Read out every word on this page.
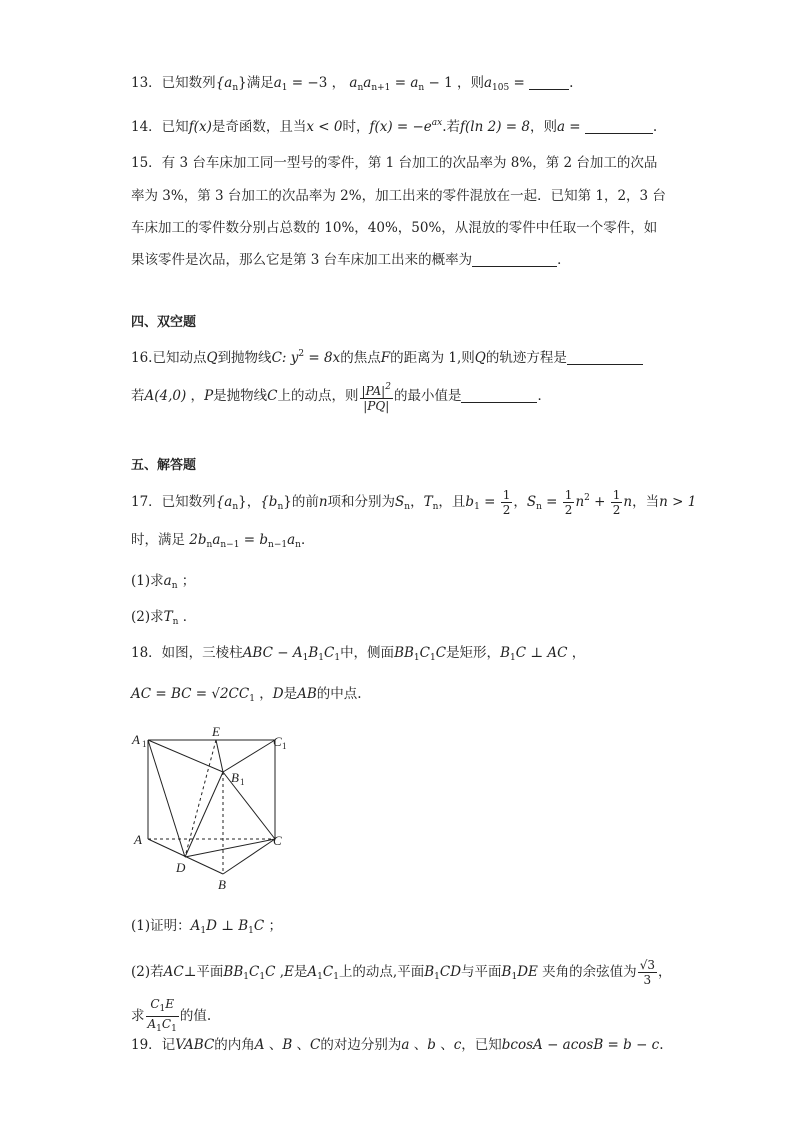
13．已知数列$\{a_n\}$满足$a_1 = -3$ ， $a_na_{n+1} = a_n - 1$ ，则$a_{105}$ =	.
14．已知f(x)是奇函数，且当x < 0时，$f(x) = -e^{ax}$.若f(ln 2) = 8，则a =	.
15．有 3 台车床加工同一型号的零件，第 1 台加工的次品率为 8%，第 2 台加工的次品
率为 3%，第 3 台加工的次品率为 2%，加工出来的零件混放在一起．已知第 1，2，3 台
车床加工的零件数分别占总数的 10%，40%，50%，从混放的零件中任取一个零件，如
果该零件是次品，那么它是第 3 台车床加工出来的概率为	．
四、双空题
16.已知动点Q到抛物线C: $y^2 = 8x$的焦点F的距离为 1,则Q的轨迹方程是
若A(4,0) ，P是抛物线C上的动点，则 $\frac{|PA|^2}{|PQ|}$ 的最小值是	．
五、解答题
17．已知数列$\{a_n\}$，$\{b_n\}$的前n项和分别为$S_n$，$T_n$，且$b_1 = \frac{1}{2}$ ，$S_n = \frac{1}{2} n^2 + \frac{1}{2}$ n，当n > 1
时，满足 $2b_na_{n-1} = b_{n-1}a_n$．
(1)求$a_n$ ；
(2)求$T_n$ ．
18．如图，三棱柱ABC − $A_1B_1C_1$中，侧面$BB_1C_1C$是矩形，$B_1C$ ⊥ AC ，
AC = BC = $√2CC_1$ ，D是AB的中点.
A 1
E
C 1
B 1
A	C
D
B
(1)证明：$A_1D$ ⊥ $B_1C$ ；
(2)若AC⊥平面$BB_1C_1C$ ,E是$A_1C_1$上的动点,平面$B_1CD$与平面$B_1DE$ 夹角的余弦值为 $\frac{√3}{3}$ ，
求 $\frac{C_1E}{A_1C_1}$ 的值.
19．记VABC的内角A 、B 、C的对边分别为a 、b 、c，已知bcosA − acosB = b − c.
